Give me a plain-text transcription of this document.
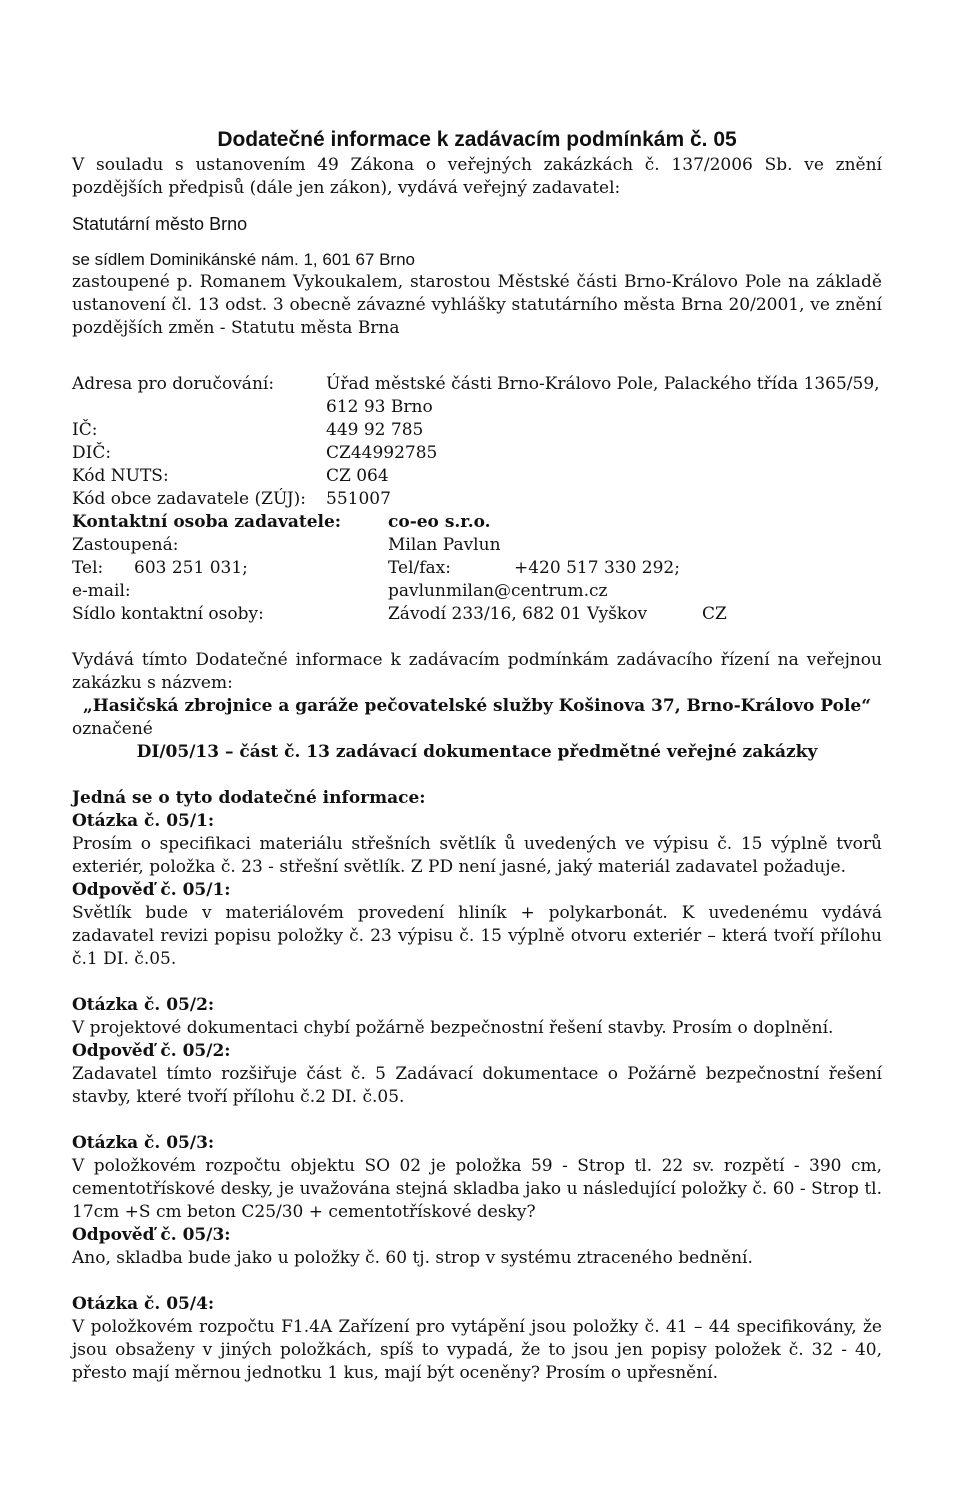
Dodatečné informace k zadávacím podmínkám č. 05

V souladu s ustanovením 49 Zákona o veřejných zakázkách č. 137/2006 Sb. ve znění pozdějších předpisů (dále jen zákon), vydává veřejný zadavatel:

Statutární město Brno

se sídlem Dominikánské nám. 1, 601 67 Brno

zastoupené p. Romanem Vykoukalem, starostou Městské části Brno-Královo Pole na základě ustanovení čl. 13 odst. 3 obecně závazné vyhlášky statutárního města Brna 20/2001, ve znění pozdějších změn - Statutu města Brna

Adresa pro doručování:	Úřad městské části Brno-Královo Pole, Palackého třída 1365/59, 612 93 Brno

IČ:	449 92 785
DIČ:	CZ44992785
Kód NUTS:	CZ 064
Kód obce zadavatele (ZÚJ): 551007
Kontaktní osoba zadavatele:	co-eo s.r.o.
Zastoupená:	Milan Pavlun
Tel: 603 251 031;	Tel/fax:	+420 517 330 292;
e-mail:	pavlunmilan@centrum.cz
Sídlo kontaktní osoby:	Závodí 233/16, 682 01 Vyškov	CZ

Vydává tímto Dodatečné informace k zadávacím podmínkám zadávacího řízení na veřejnou zakázku s názvem:

„Hasičská zbrojnice a garáže pečovatelské služby Košinova 37, Brno-Královo Pole“

označené

DI/05/13 – část č. 13 zadávací dokumentace předmětné veřejné zakázky

Jedná se o tyto dodatečné informace:

Otázka č. 05/1:

Prosím o specifikaci materiálu střešních světlík ů uvedených ve výpisu č. 15 výplně tvorů exteriér, položka č. 23 - střešní světlík. Z PD není jasné, jaký materiál zadavatel požaduje.

Odpověď č. 05/1:

Světlík bude v materiálovém provedení hliník + polykarbonát. K uvedenému vydává zadavatel revizi popisu položky č. 23 výpisu č. 15 výplně otvoru exteriér – která tvoří přílohu č.1 DI. č.05.

Otázka č. 05/2:

V projektové dokumentaci chybí požárně bezpečnostní řešení stavby. Prosím o doplnění.

Odpověď č. 05/2:

Zadavatel tímto rozšiřuje část č. 5 Zadávací dokumentace o Požárně bezpečnostní řešení stavby, které tvoří přílohu č.2 DI. č.05.

Otázka č. 05/3:

V položkovém rozpočtu objektu SO 02 je položka 59 - Strop tl. 22 sv. rozpětí - 390 cm, cementotřískové desky, je uvažována stejná skladba jako u následující položky č. 60 - Strop tl. 17cm +S cm beton C25/30 + cementotřískové desky?

Odpověď č. 05/3:

Ano, skladba bude jako u položky č. 60 tj. strop v systému ztraceného bednění.

Otázka č. 05/4:

V položkovém rozpočtu F1.4A Zařízení pro vytápění jsou položky č. 41 – 44 specifikovány, že jsou obsaženy v jiných položkách, spíš to vypadá, že to jsou jen popisy položek č. 32 - 40, přesto mají měrnou jednotku 1 kus, mají být oceněny? Prosím o upřesnění.
